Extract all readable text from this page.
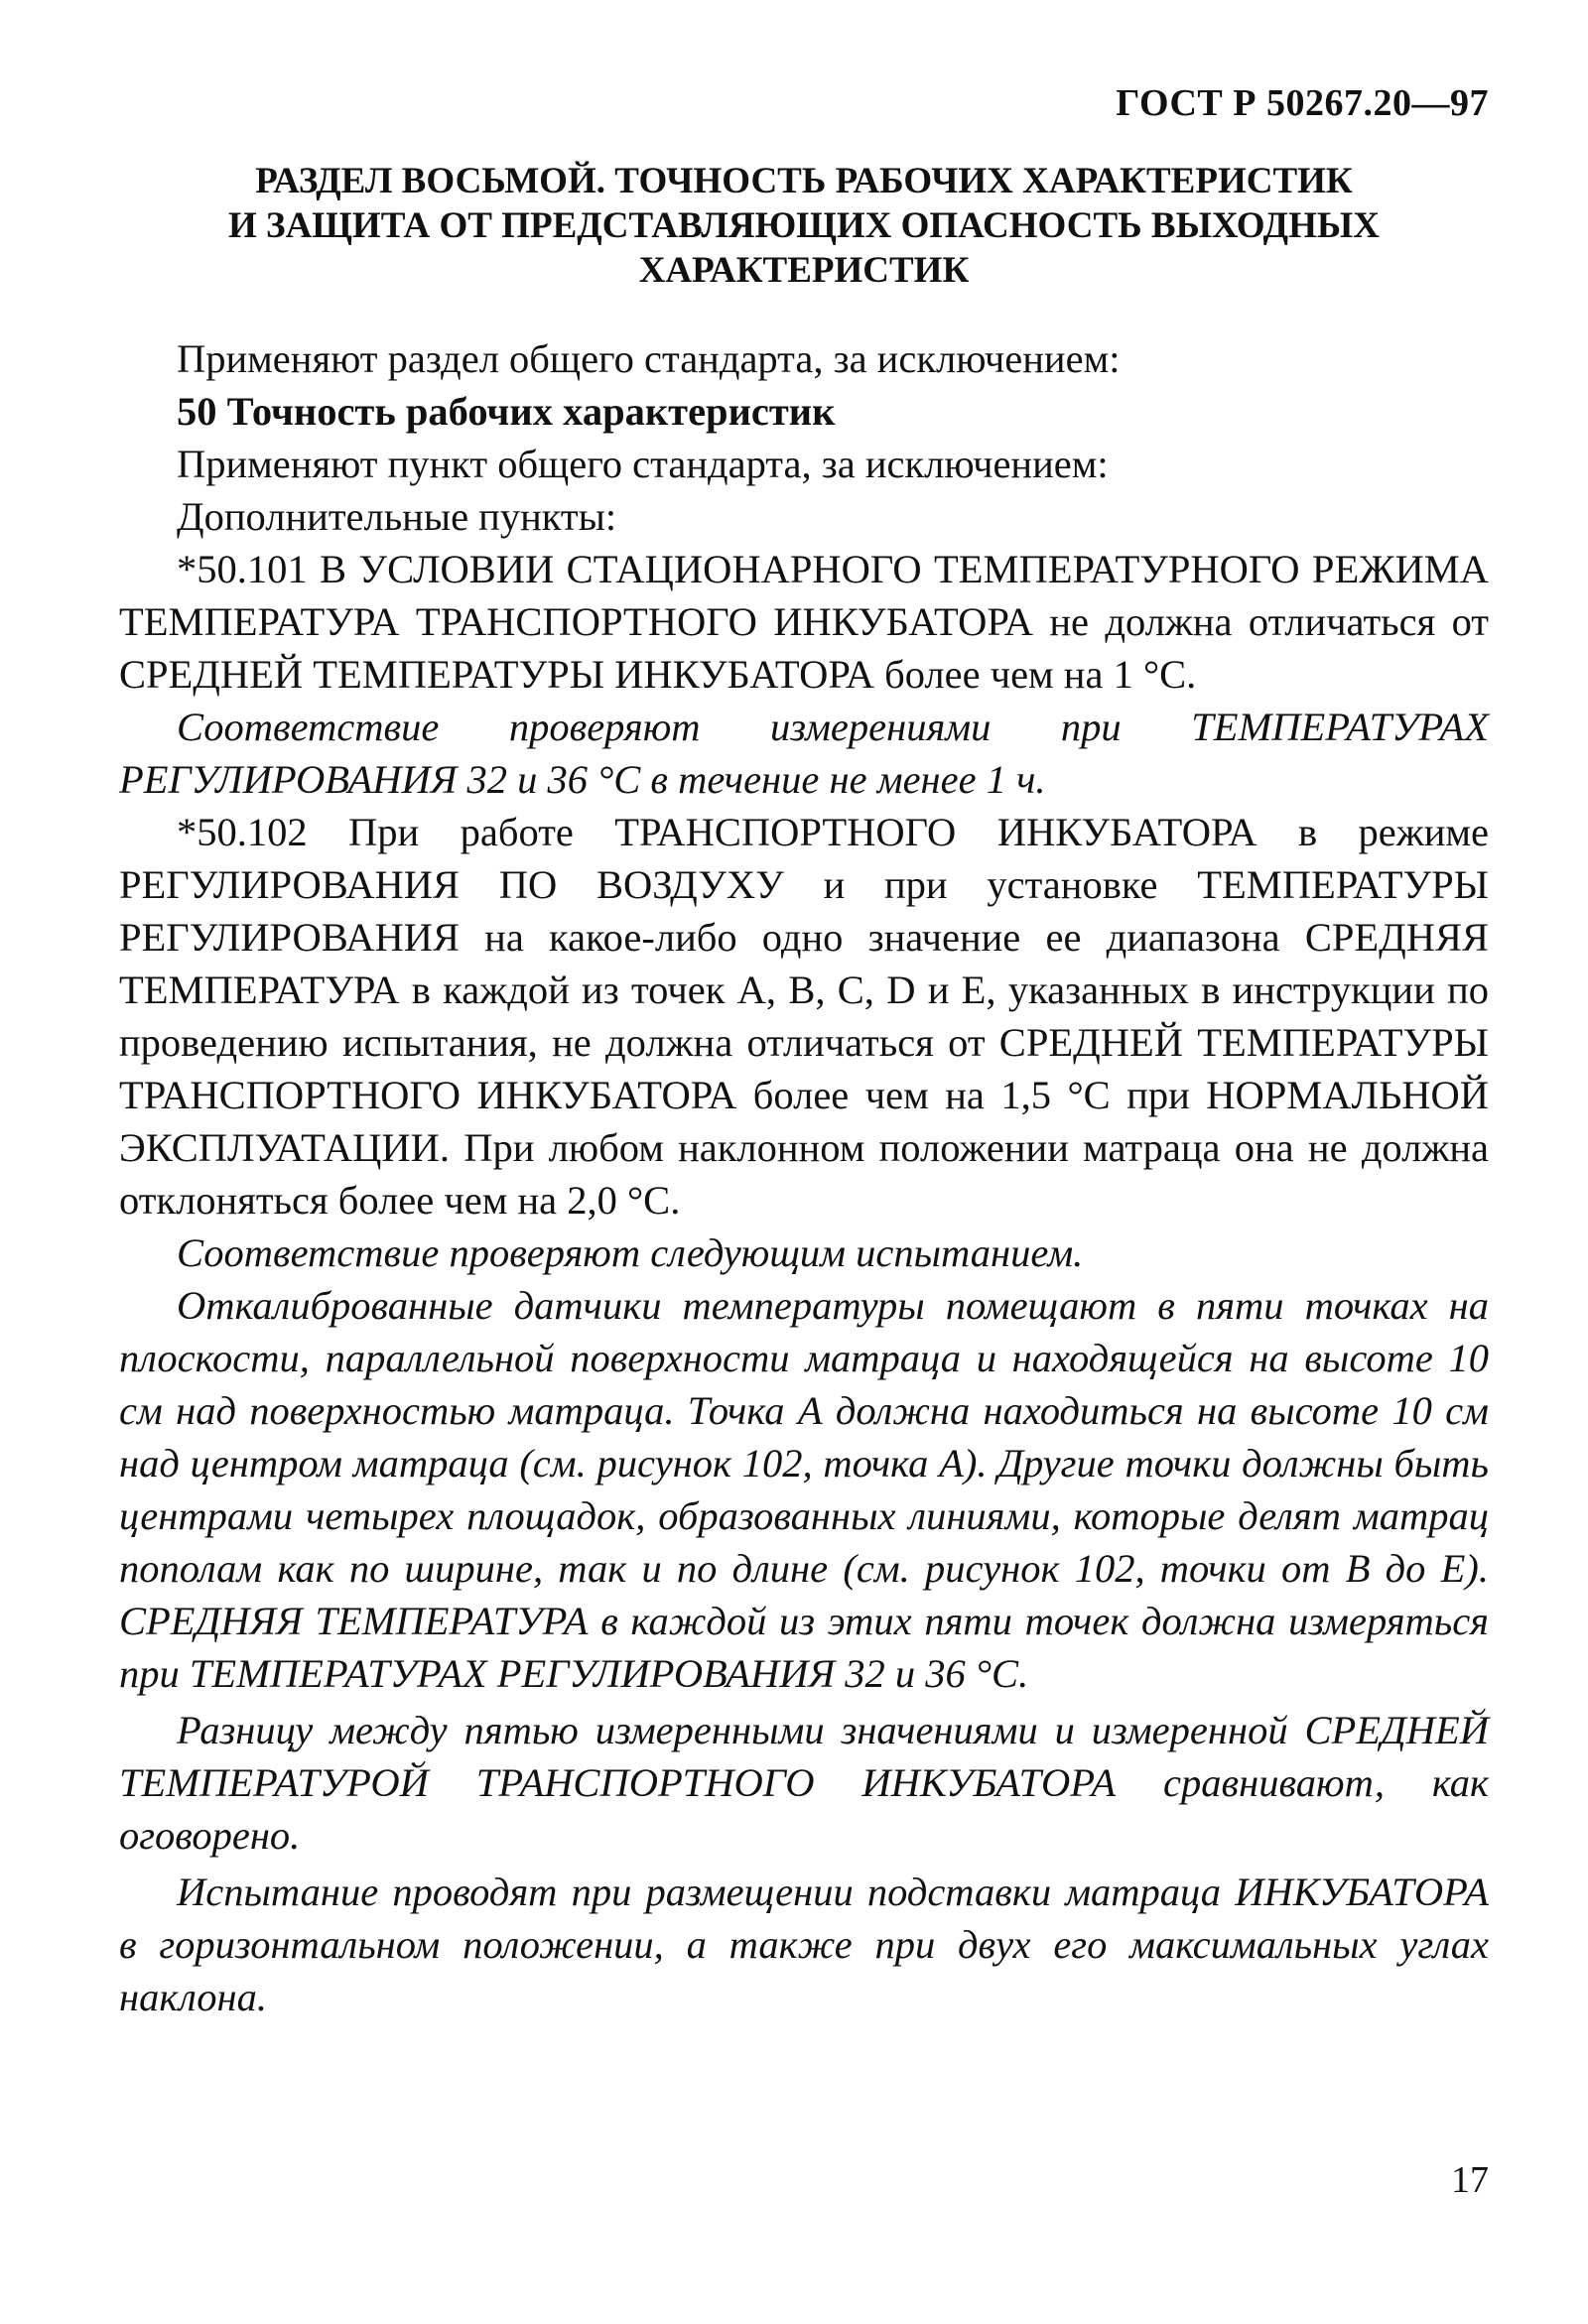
ГОСТ Р 50267.20—97
РАЗДЕЛ ВОСЬМОЙ. ТОЧНОСТЬ РАБОЧИХ ХАРАКТЕРИСТИК
И ЗАЩИТА ОТ ПРЕДСТАВЛЯЮЩИХ ОПАСНОСТЬ ВЫХОДНЫХ
ХАРАКТЕРИСТИК

Применяют раздел общего стандарта, за исключением:

50 Точность рабочих характеристик

Применяют пункт общего стандарта, за исключением:

Дополнительные пункты:

*50.101 В УСЛОВИИ СТАЦИОНАРНОГО ТЕМПЕРАТУРНОГО РЕЖИМА ТЕМПЕРАТУРА ТРАНСПОРТНОГО ИНКУБАТОРА не должна отличаться от СРЕДНЕЙ ТЕМПЕРАТУРЫ ИНКУБАТОРА более чем на 1 °С.

Соответствие проверяют измерениями при ТЕМПЕРАТУРАХ РЕГУЛИРОВАНИЯ 32 и 36 °С в течение не менее 1 ч.

*50.102 При работе ТРАНСПОРТНОГО ИНКУБАТОРА в режиме РЕГУЛИРОВАНИЯ ПО ВОЗДУХУ и при установке ТЕМПЕРАТУРЫ РЕГУЛИРОВАНИЯ на какое-либо одно значение ее диапазона СРЕДНЯЯ ТЕМПЕРАТУРА в каждой из точек A, B, C, D и E, указанных в инструкции по проведению испытания, не должна отличаться от СРЕДНЕЙ ТЕМПЕРАТУРЫ ТРАНСПОРТНОГО ИНКУБАТОРА более чем на 1,5 °С при НОРМАЛЬНОЙ ЭКСПЛУАТАЦИИ. При любом наклонном положении матраца она не должна отклоняться более чем на 2,0 °С.

Соответствие проверяют следующим испытанием.

Откалиброванные датчики температуры помещают в пяти точках на плоскости, параллельной поверхности матраца и находящейся на высоте 10 см над поверхностью матраца. Точка А должна находиться на высоте 10 см над центром матраца (см. рисунок 102, точка А). Другие точки должны быть центрами четырех площадок, образованных линиями, которые делят матрац пополам как по ширине, так и по длине (см. рисунок 102, точки от В до Е). СРЕДНЯЯ ТЕМПЕРАТУРА в каждой из этих пяти точек должна измеряться при ТЕМПЕРАТУРАХ РЕГУЛИРОВАНИЯ 32 и 36 °С.

Разницу между пятью измеренными значениями и измеренной СРЕДНЕЙ ТЕМПЕРАТУРОЙ ТРАНСПОРТНОГО ИНКУБАТОРА сравнивают, как оговорено.

Испытание проводят при размещении подставки матраца ИНКУБАТОРА в горизонтальном положении, а также при двух его максимальных углах наклона.

17
